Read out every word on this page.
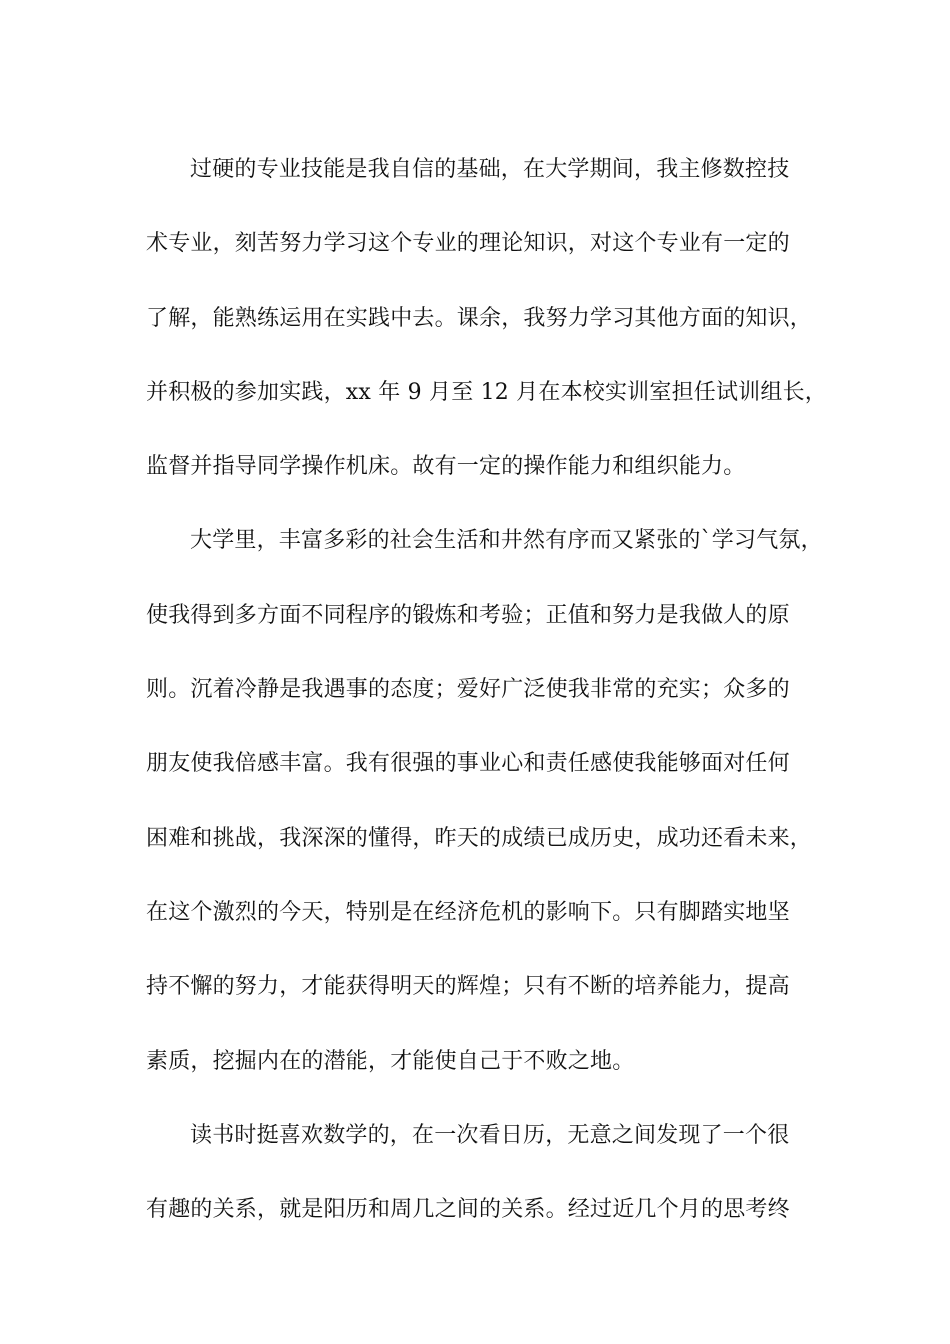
过硬的专业技能是我自信的基础，在大学期间，我主修数控技
术专业，刻苦努力学习这个专业的理论知识，对这个专业有一定的
了解，能熟练运用在实践中去。课余，我努力学习其他方面的知识，
并积极的参加实践，xx 年 9 月至 12 月在本校实训室担任试训组长，
监督并指导同学操作机床。故有一定的操作能力和组织能力。
大学里，丰富多彩的社会生活和井然有序而又紧张的`学习气氛，
使我得到多方面不同程序的锻炼和考验；正值和努力是我做人的原
则。沉着冷静是我遇事的态度；爱好广泛使我非常的充实；众多的
朋友使我倍感丰富。我有很强的事业心和责任感使我能够面对任何
困难和挑战，我深深的懂得，昨天的成绩已成历史，成功还看未来，
在这个激烈的今天，特别是在经济危机的影响下。只有脚踏实地坚
持不懈的努力，才能获得明天的辉煌；只有不断的培养能力，提高
素质，挖掘内在的潜能，才能使自己于不败之地。
读书时挺喜欢数学的，在一次看日历，无意之间发现了一个很
有趣的关系，就是阳历和周几之间的关系。经过近几个月的思考终
